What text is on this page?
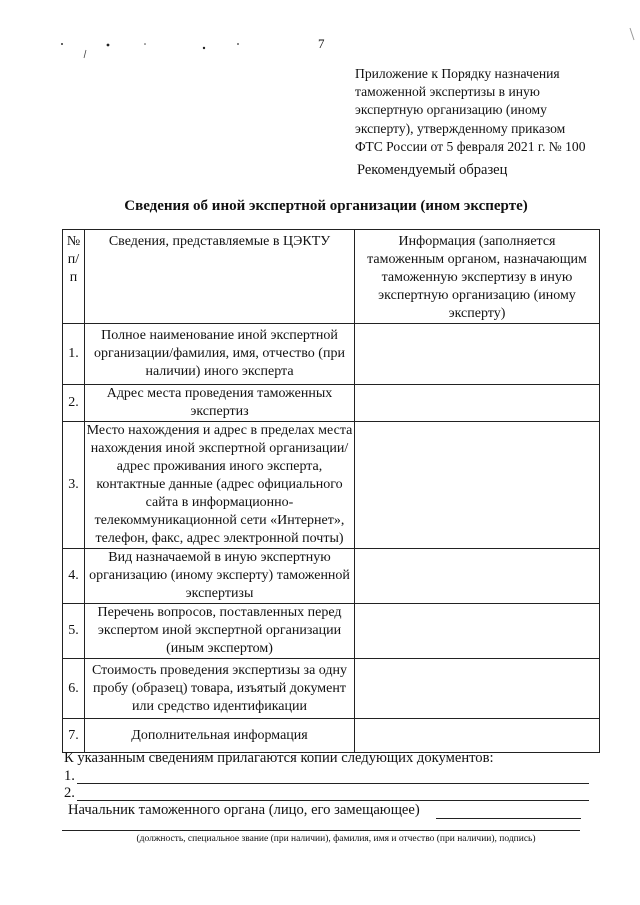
7
Приложение к Порядку назначения
таможенной экспертизы в иную
экспертную организацию (иному
эксперту), утвержденному приказом
ФТС России от 5 февраля 2021 г. № 100
Рекомендуемый образец
Сведения об иной экспертной организации (ином эксперте)
№ п/п	Сведения, представляемые в ЦЭКТУ	Информация (заполняется таможенным органом, назначающим таможенную экспертизу в иную экспертную организацию (иному эксперту)
1.	Полное наименование иной экспертной организации/фамилия, имя, отчество (при наличии) иного эксперта	
2.	Адрес места проведения таможенных экспертиз	
3.	Место нахождения и адрес в пределах места нахождения иной экспертной организации/адрес проживания иного эксперта, контактные данные (адрес официального сайта в информационно-телекоммуникационной сети «Интернет», телефон, факс, адрес электронной почты)	
4.	Вид назначаемой в иную экспертную организацию (иному эксперту) таможенной экспертизы	
5.	Перечень вопросов, поставленных перед экспертом иной экспертной организации (иным экспертом)	
6.	Стоимость проведения экспертизы за одну пробу (образец) товара, изъятый документ или средство идентификации	
7.	Дополнительная информация	
К указанным сведениям прилагаются копии следующих документов:
1.
2.
Начальник таможенного органа (лицо, его замещающее)
(должность, специальное звание (при наличии), фамилия, имя и отчество (при наличии), подпись)
